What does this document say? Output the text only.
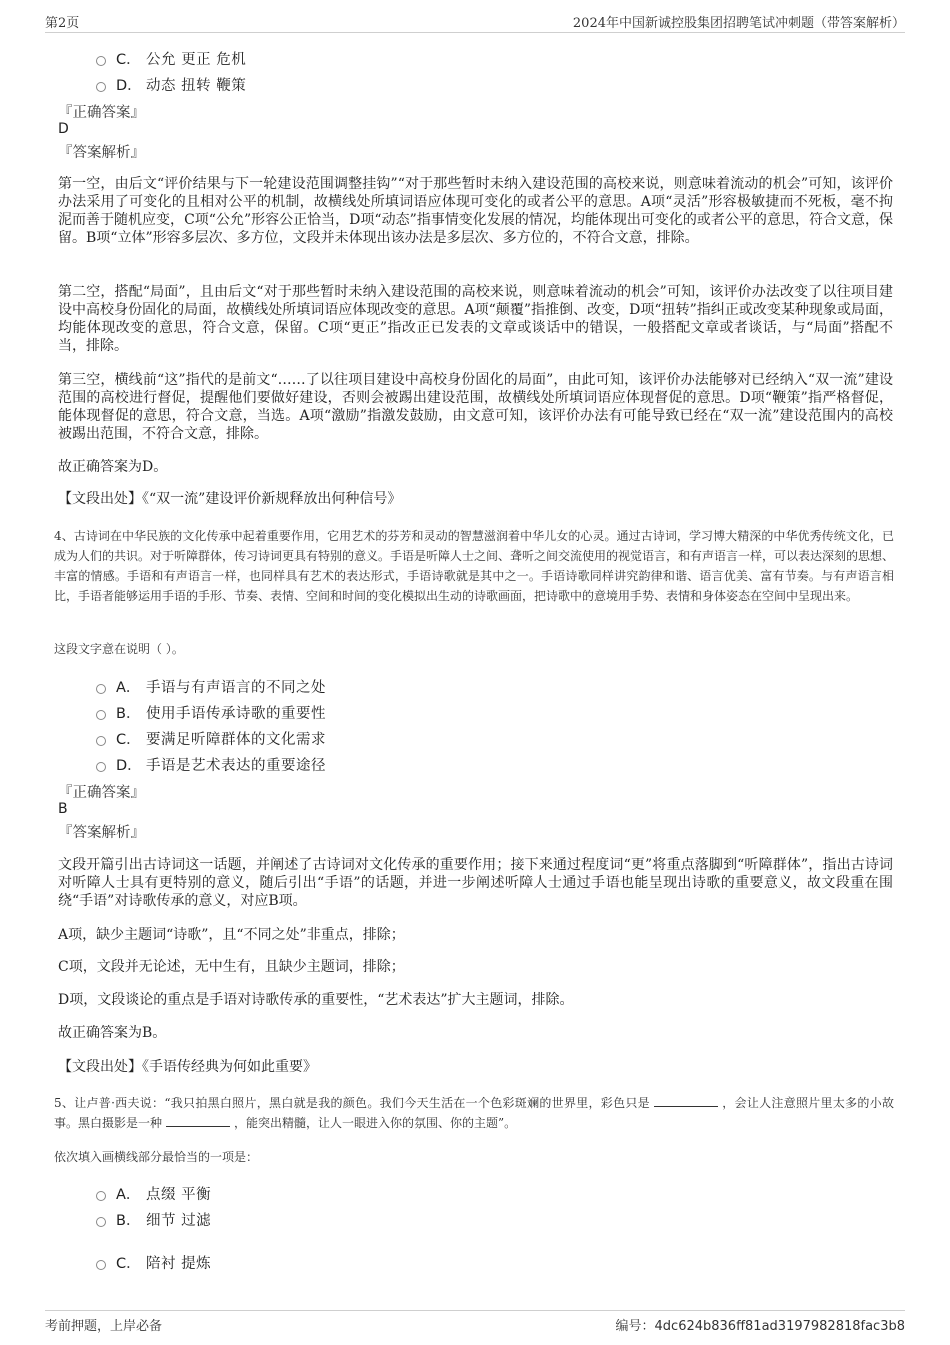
第2页	2024年中国新诚控股集团招聘笔试冲刺题（带答案解析）
C． 公允 更正 危机
D． 动态 扭转 鞭策
『正确答案』
D
『答案解析』
第一空，由后文“评价结果与下一轮建设范围调整挂钩”“对于那些暂时未纳入建设范围的高校来说，则意味着流动的机会”可知，该评价办法采用了可变化的且相对公平的机制，故横线处所填词语应体现可变化的或者公平的意思。A项“灵活”形容极敏捷而不死板，毫不拘泥而善于随机应变，C项“公允”形容公正恰当，D项“动态”指事情变化发展的情况，均能体现出可变化的或者公平的意思，符合文意，保留。B项“立体”形容多层次、多方位，文段并未体现出该办法是多层次、多方位的，不符合文意，排除。
第二空，搭配“局面”，且由后文“对于那些暂时未纳入建设范围的高校来说，则意味着流动的机会”可知，该评价办法改变了以往项目建设中高校身份固化的局面，故横线处所填词语应体现改变的意思。A项“颠覆”指推倒、改变，D项“扭转”指纠正或改变某种现象或局面，均能体现改变的意思，符合文意，保留。C项“更正”指改正已发表的文章或谈话中的错误，一般搭配文章或者谈话，与“局面”搭配不当，排除。
第三空，横线前“这”指代的是前文“……了以往项目建设中高校身份固化的局面”，由此可知，该评价办法能够对已经纳入“双一流”建设范围的高校进行督促，提醒他们要做好建设，否则会被踢出建设范围，故横线处所填词语应体现督促的意思。D项“鞭策”指严格督促，能体现督促的意思，符合文意，当选。A项“激励”指激发鼓励，由文意可知，该评价办法有可能导致已经在“双一流”建设范围内的高校被踢出范围，不符合文意，排除。
故正确答案为D。
【文段出处】《“双一流”建设评价新规释放出何种信号》
4、古诗词在中华民族的文化传承中起着重要作用，它用艺术的芬芳和灵动的智慧滋润着中华儿女的心灵。通过古诗词，学习博大精深的中华优秀传统文化，已成为人们的共识。对于听障群体，传习诗词更具有特别的意义。手语是听障人士之间、聋听之间交流使用的视觉语言，和有声语言一样，可以表达深刻的思想、丰富的情感。手语和有声语言一样，也同样具有艺术的表达形式，手语诗歌就是其中之一。手语诗歌同样讲究韵律和谐、语言优美、富有节奏。与有声语言相比，手语者能够运用手语的手形、节奏、表情、空间和时间的变化模拟出生动的诗歌画面，把诗歌中的意境用手势、表情和身体姿态在空间中呈现出来。
这段文字意在说明（ ）。
A． 手语与有声语言的不同之处
B． 使用手语传承诗歌的重要性
C． 要满足听障群体的文化需求
D． 手语是艺术表达的重要途径
『正确答案』
B
『答案解析』
文段开篇引出古诗词这一话题，并阐述了古诗词对文化传承的重要作用；接下来通过程度词“更”将重点落脚到“听障群体”，指出古诗词对听障人士具有更特别的意义，随后引出“手语”的话题，并进一步阐述听障人士通过手语也能呈现出诗歌的重要意义，故文段重在围绕“手语”对诗歌传承的意义，对应B项。
A项，缺少主题词“诗歌”，且“不同之处”非重点，排除；
C项，文段并无论述，无中生有，且缺少主题词，排除；
D项，文段谈论的重点是手语对诗歌传承的重要性，“艺术表达”扩大主题词，排除。
故正确答案为B。
【文段出处】《手语传经典为何如此重要》
5、让卢普·西夫说：“我只拍黑白照片，黑白就是我的颜色。我们今天生活在一个色彩斑斓的世界里，彩色只是	，会让人注意照片里太多的小故事。黑白摄影是一种	，能突出精髓，让人一眼进入你的氛围、你的主题”。
依次填入画横线部分最恰当的一项是：
A． 点缀 平衡
B． 细节 过滤
C． 陪衬 提炼
考前押题，上岸必备	编号：4dc624b836ff81ad3197982818fac3b8
